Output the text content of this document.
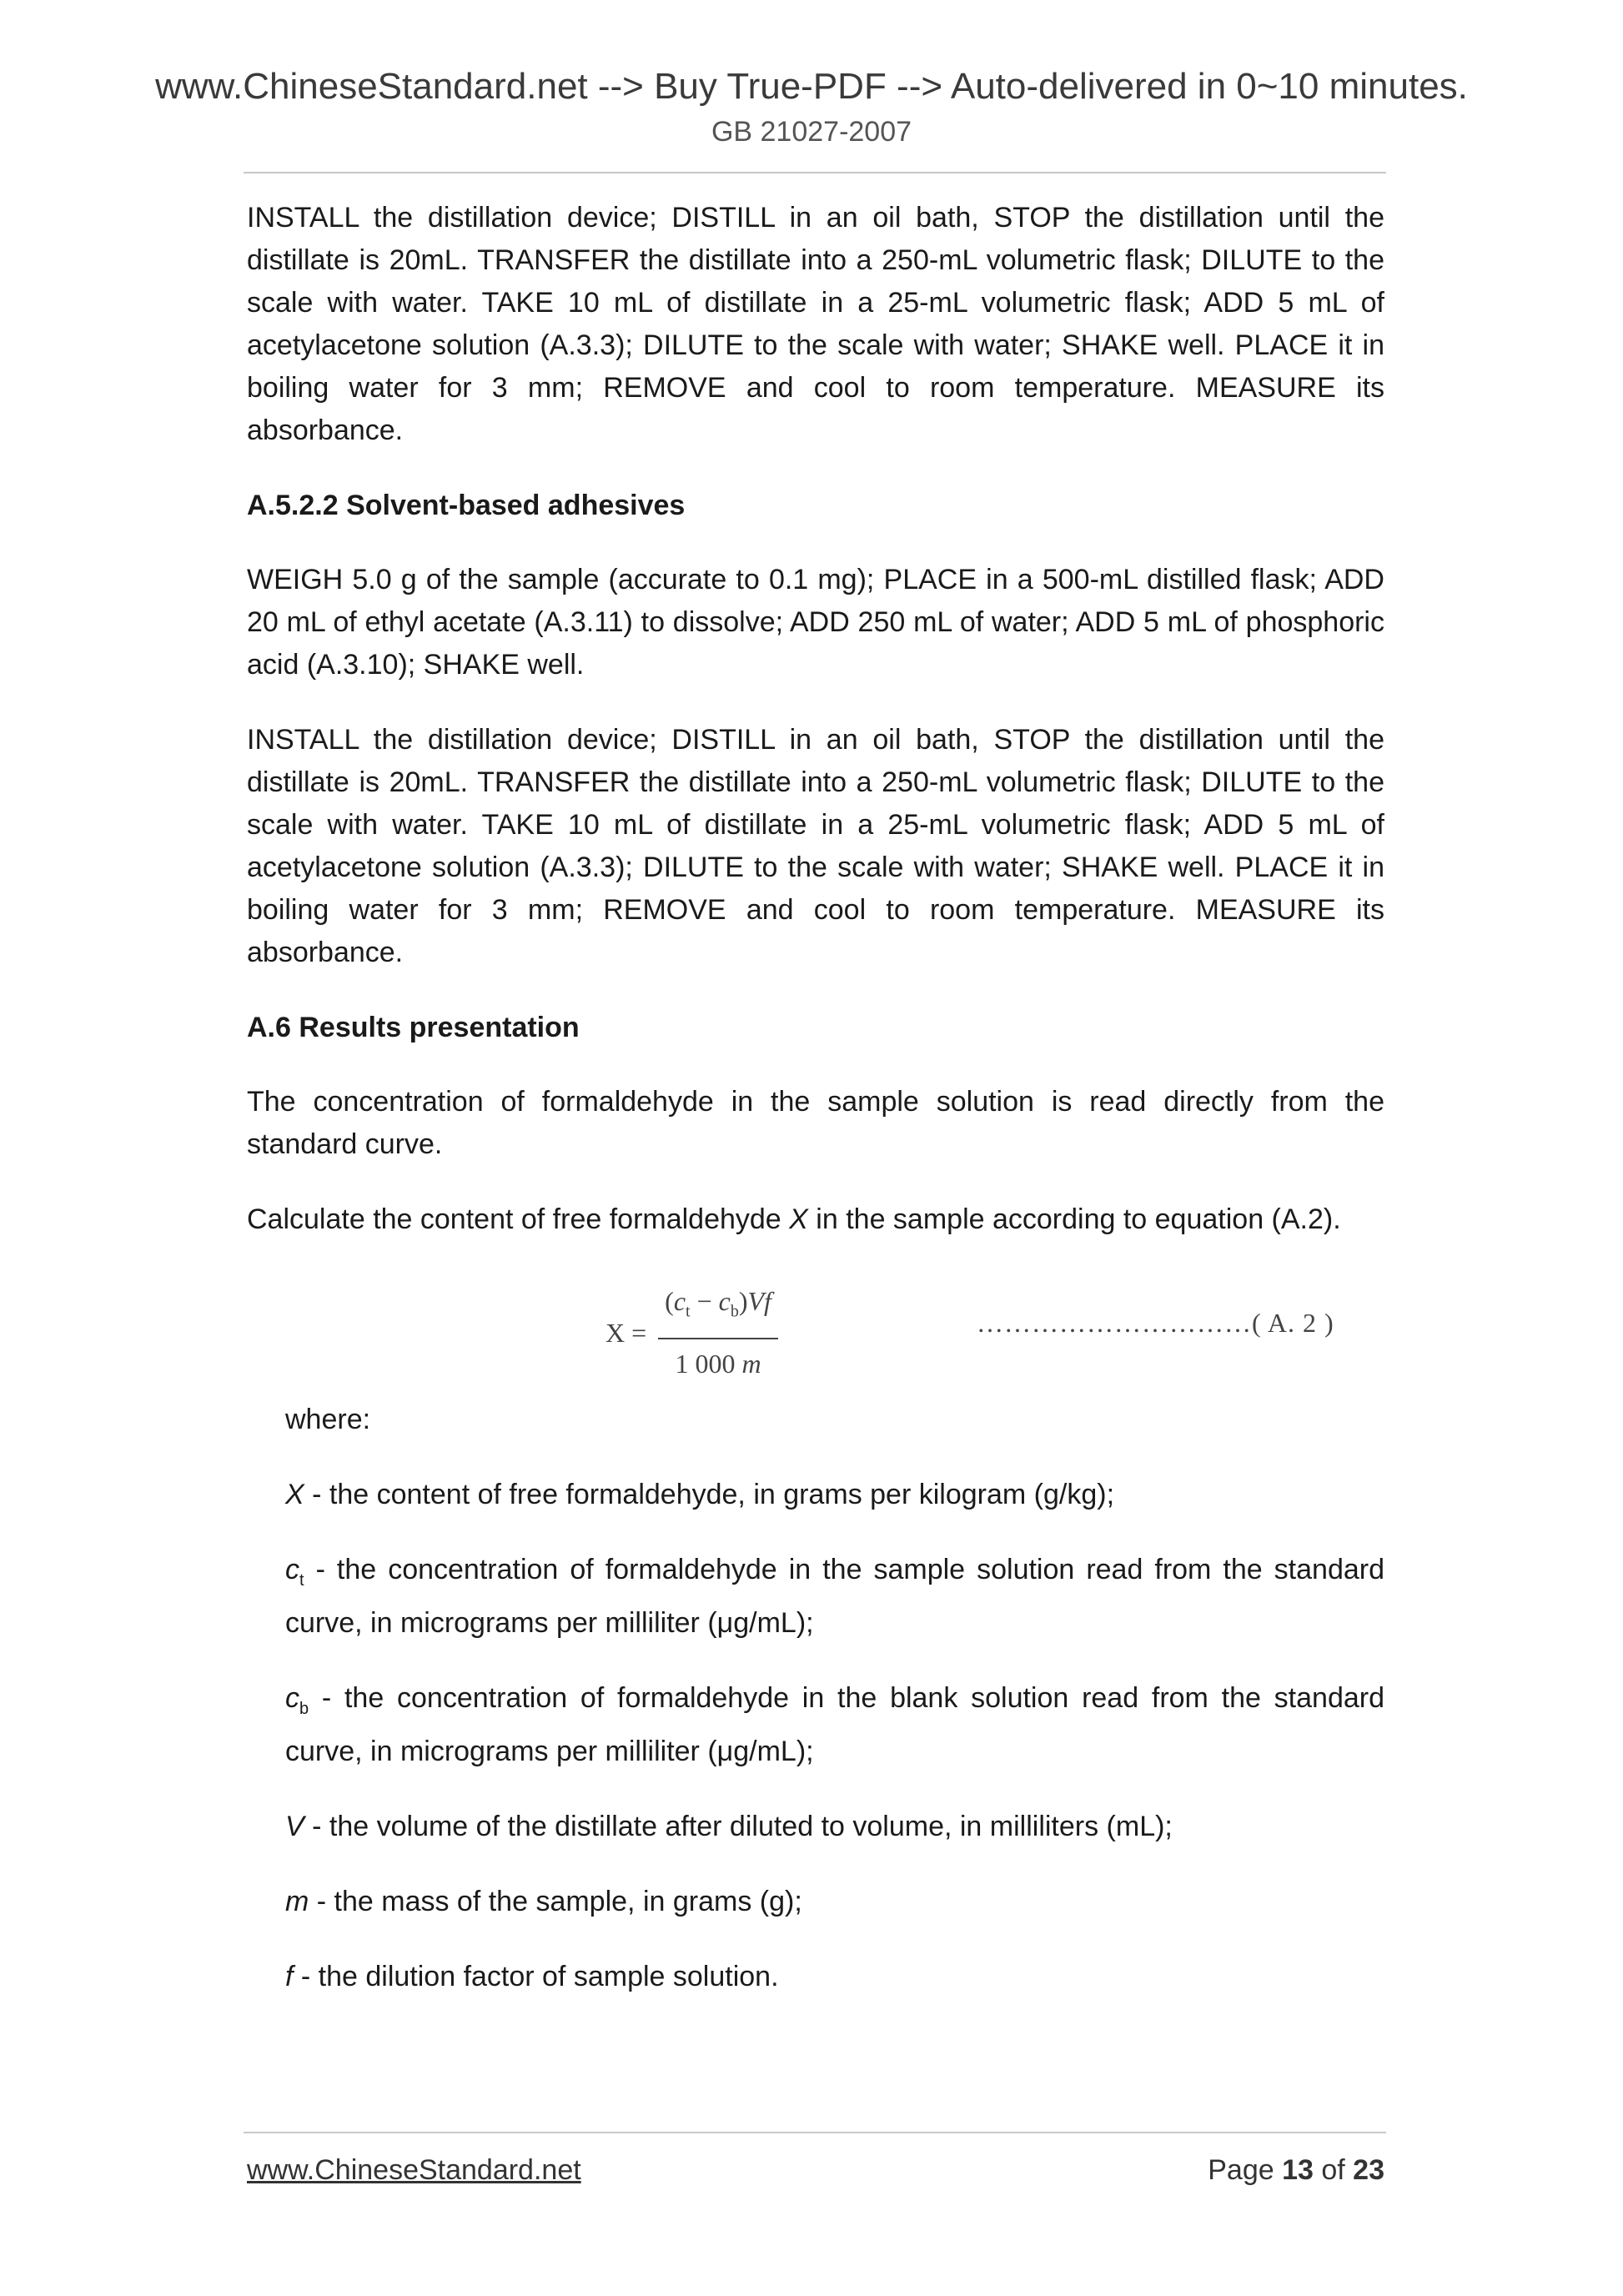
www.ChineseStandard.net --> Buy True-PDF --> Auto-delivered in 0~10 minutes.
GB 21027-2007

INSTALL the distillation device; DISTILL in an oil bath, STOP the distillation until the distillate is 20mL. TRANSFER the distillate into a 250-mL volumetric flask; DILUTE to the scale with water. TAKE 10 mL of distillate in a 25-mL volumetric flask; ADD 5 mL of acetylacetone solution (A.3.3); DILUTE to the scale with water; SHAKE well. PLACE it in boiling water for 3 mm; REMOVE and cool to room temperature. MEASURE its absorbance.

A.5.2.2 Solvent-based adhesives

WEIGH 5.0 g of the sample (accurate to 0.1 mg); PLACE in a 500-mL distilled flask; ADD 20 mL of ethyl acetate (A.3.11) to dissolve; ADD 250 mL of water; ADD 5 mL of phosphoric acid (A.3.10); SHAKE well.

INSTALL the distillation device; DISTILL in an oil bath, STOP the distillation until the distillate is 20mL. TRANSFER the distillate into a 250-mL volumetric flask; DILUTE to the scale with water. TAKE 10 mL of distillate in a 25-mL volumetric flask; ADD 5 mL of acetylacetone solution (A.3.3); DILUTE to the scale with water; SHAKE well. PLACE it in boiling water for 3 mm; REMOVE and cool to room temperature. MEASURE its absorbance.

A.6 Results presentation

The concentration of formaldehyde in the sample solution is read directly from the standard curve.

Calculate the content of free formaldehyde X in the sample according to equation (A.2).

$X = \frac{(c_t - c_b)Vf}{1 000 m}$	…………………………( A. 2 )

where:

X - the content of free formaldehyde, in grams per kilogram (g/kg);

$c_t$ - the concentration of formaldehyde in the sample solution read from the standard curve, in micrograms per milliliter (μg/mL);

$c_b$ - the concentration of formaldehyde in the blank solution read from the standard curve, in micrograms per milliliter (μg/mL);

V - the volume of the distillate after diluted to volume, in milliliters (mL);

m - the mass of the sample, in grams (g);

f - the dilution factor of sample solution.

www.ChineseStandard.net	Page 13 of 23
